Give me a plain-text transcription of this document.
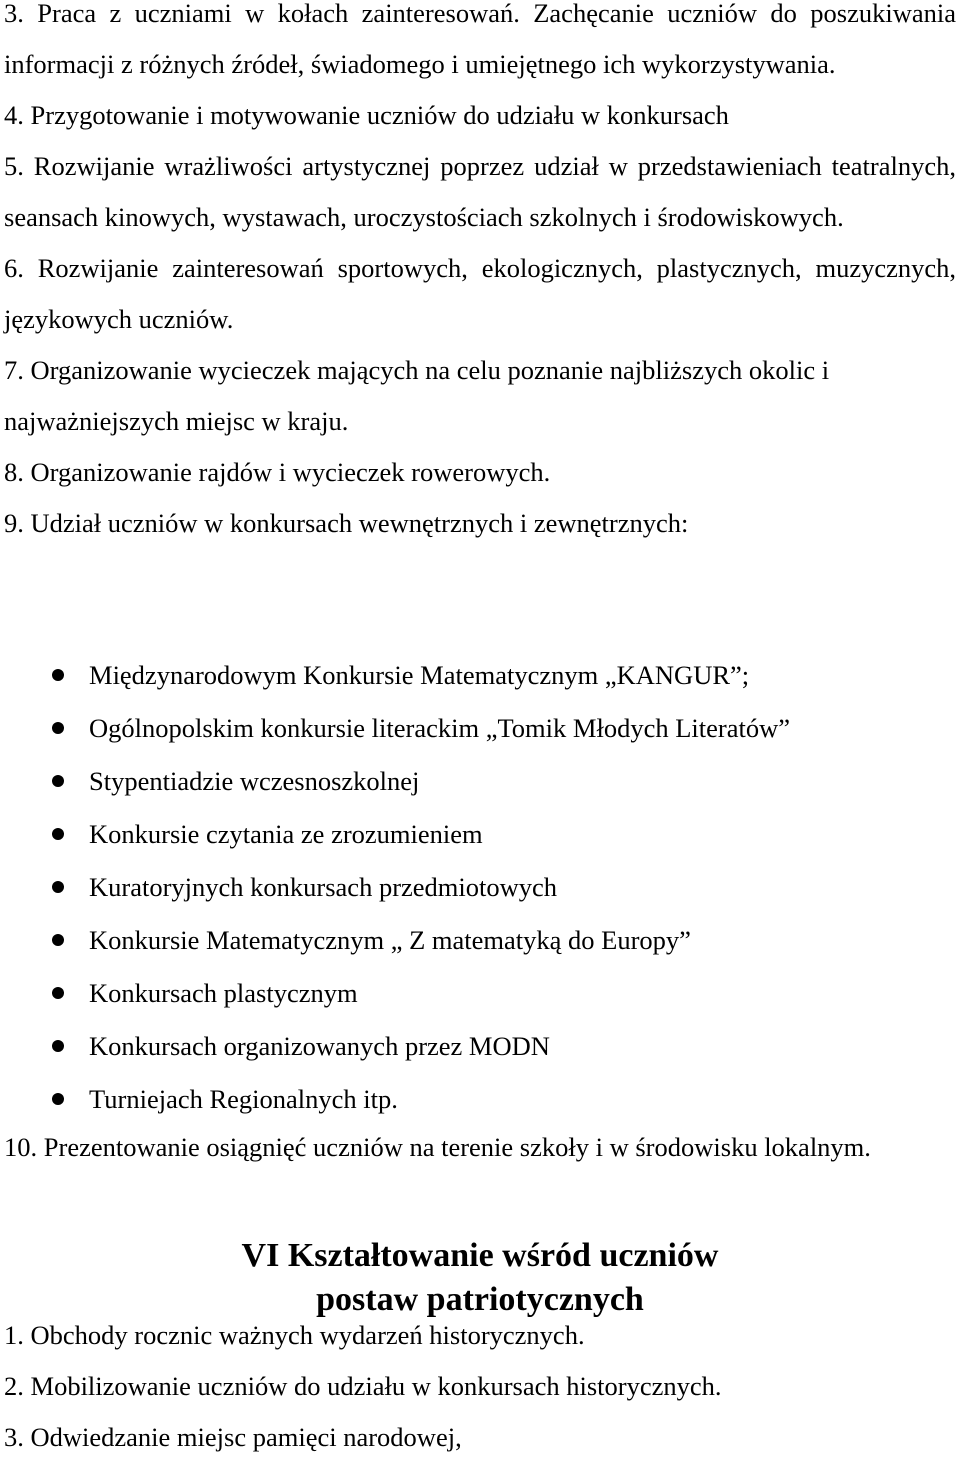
3. Praca z uczniami w kołach zainteresowań. Zachęcanie uczniów do poszukiwania informacji z różnych źródeł, świadomego i umiejętnego ich wykorzystywania.

4. Przygotowanie i motywowanie uczniów do udziału w konkursach

5. Rozwijanie wrażliwości artystycznej poprzez udział w przedstawieniach teatralnych, seansach kinowych, wystawach, uroczystościach szkolnych i środowiskowych.

6. Rozwijanie zainteresowań sportowych, ekologicznych, plastycznych, muzycznych, językowych uczniów.

7. Organizowanie wycieczek mających na celu poznanie najbliższych okolic i najważniejszych miejsc w kraju.

8. Organizowanie rajdów i wycieczek rowerowych.

9. Udział uczniów w konkursach wewnętrznych i zewnętrznych:

Międzynarodowym Konkursie Matematycznym „KANGUR”;
Ogólnopolskim konkursie literackim „Tomik Młodych Literatów”
Stypentiadzie wczesnoszkolnej
Konkursie czytania ze zrozumieniem
Kuratoryjnych konkursach przedmiotowych
Konkursie Matematycznym „ Z matematyką do Europy”
Konkursach plastycznym
Konkursach organizowanych przez MODN
Turniejach Regionalnych itp.

10. Prezentowanie osiągnięć uczniów na terenie szkoły i w środowisku lokalnym.

VI Kształtowanie wśród uczniów
postaw patriotycznych

1. Obchody rocznic ważnych wydarzeń historycznych.

2. Mobilizowanie uczniów do udziału w konkursach historycznych.

3. Odwiedzanie miejsc pamięci narodowej,
